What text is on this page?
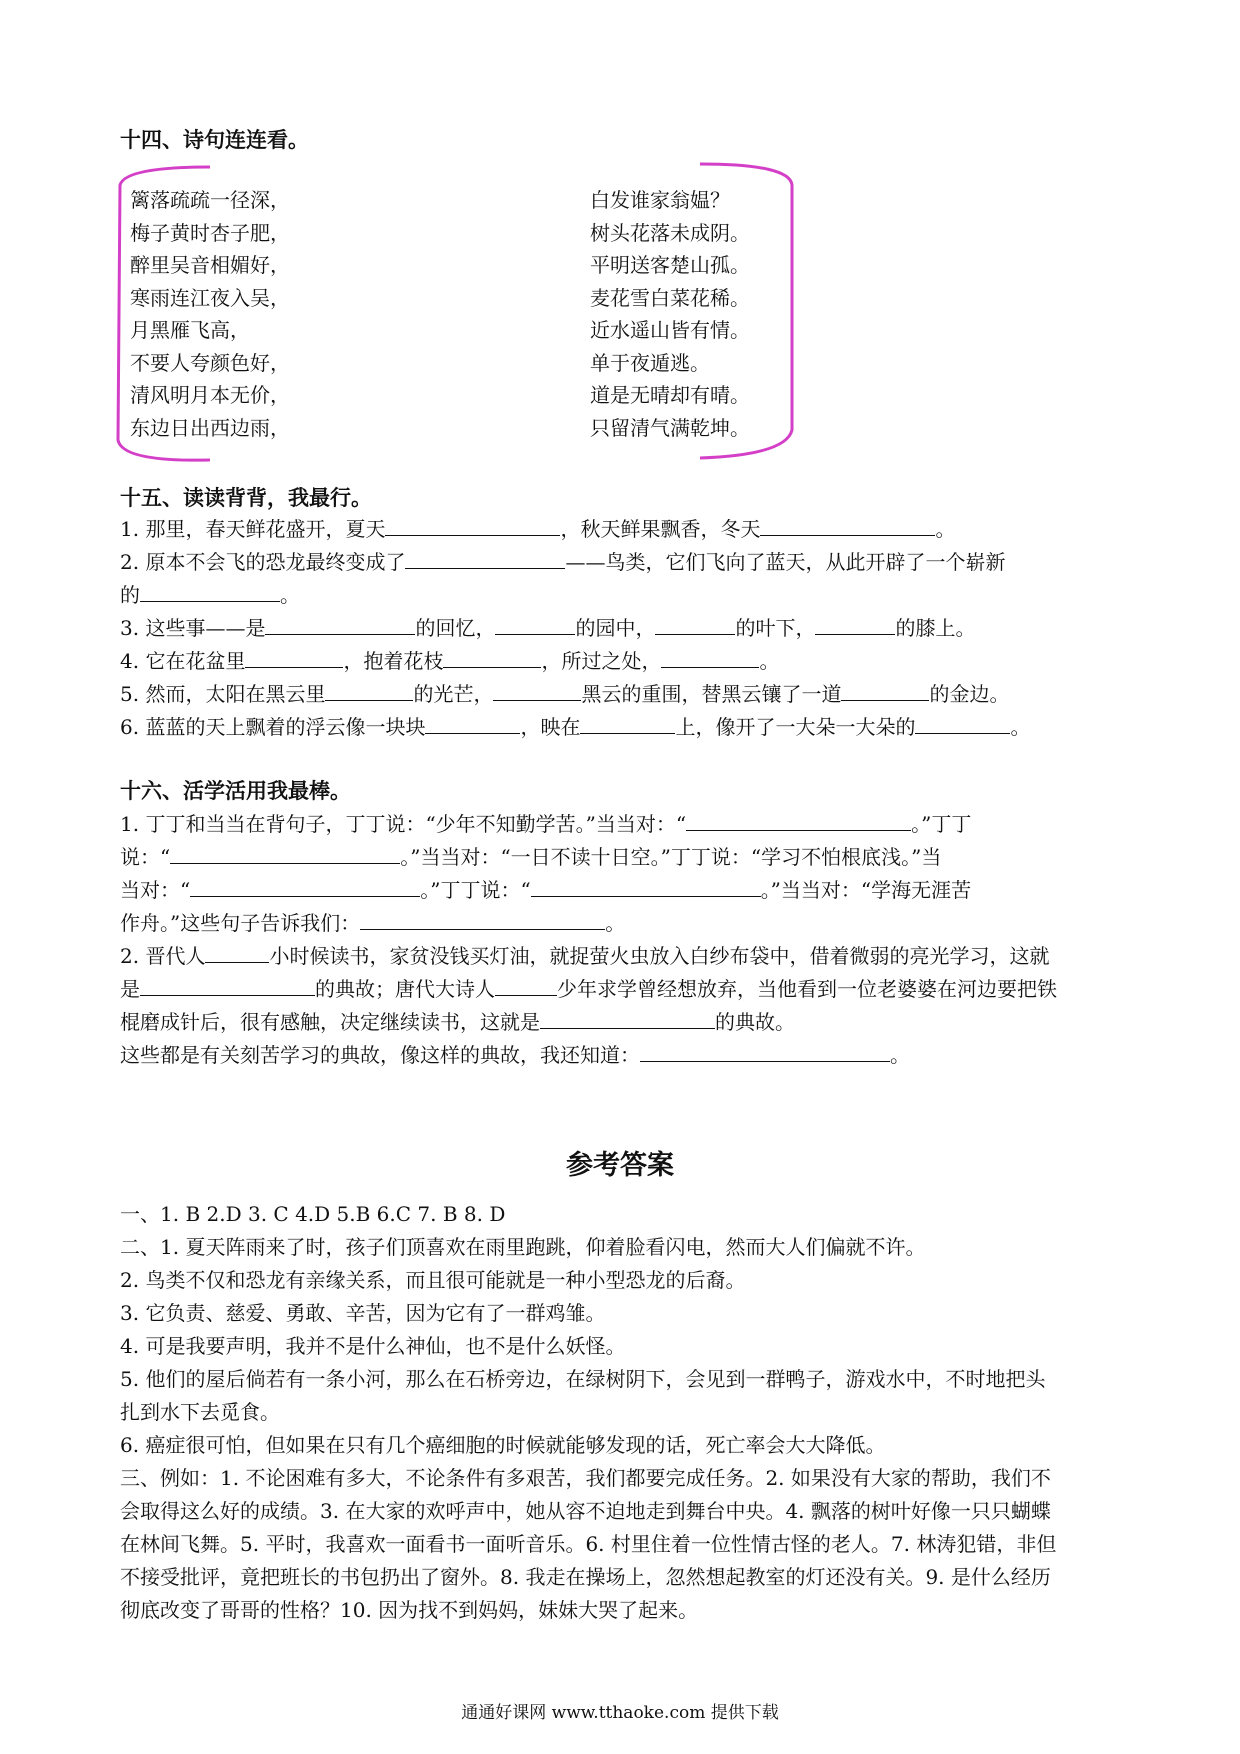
十四、诗句连连看。
篱落疏疏一径深，
梅子黄时杏子肥，
醉里吴音相媚好，
寒雨连江夜入吴，
月黑雁飞高，
不要人夸颜色好，
清风明月本无价，
东边日出西边雨，
白发谁家翁媪？
树头花落未成阴。
平明送客楚山孤。
麦花雪白菜花稀。
近水遥山皆有情。
单于夜遁逃。
道是无晴却有晴。
只留清气满乾坤。
十五、读读背背，我最行。
1. 那里，春天鲜花盛开，夏天	，秋天鲜果飘香，冬天	。
2. 原本不会飞的恐龙最终变成了	——鸟类，它们飞向了蓝天，从此开辟了一个崭新
的	。
3. 这些事——是	的回忆，	的园中，	的叶下，	的膝上。
4. 它在花盆里	，抱着花枝	，所过之处，	。
5. 然而，太阳在黑云里	的光芒，	黑云的重围，替黑云镶了一道	的金边。
6. 蓝蓝的天上飘着的浮云像一块块	，映在	上，像开了一大朵一大朵的	。
十六、活学活用我最棒。
1. 丁丁和当当在背句子，丁丁说：“少年不知勤学苦。”当当对：“	。”丁丁
说：“	。”当当对：“一日不读十日空。”丁丁说：“学习不怕根底浅。”当
当对：“	。”丁丁说：“	。”当当对：“学海无涯苦
作舟。”这些句子告诉我们：	。
2. 晋代人	小时候读书，家贫没钱买灯油，就捉萤火虫放入白纱布袋中，借着微弱的亮光学习，这就
是	的典故；唐代大诗人	少年求学曾经想放弃，当他看到一位老婆婆在河边要把铁
棍磨成针后，很有感触，决定继续读书，这就是	的典故。
这些都是有关刻苦学习的典故，像这样的典故，我还知道：	。
参考答案
一、1. B 2.D 3. C 4.D 5.B 6.C 7. B 8. D
二、1. 夏天阵雨来了时，孩子们顶喜欢在雨里跑跳，仰着脸看闪电，然而大人们偏就不许。
2. 鸟类不仅和恐龙有亲缘关系，而且很可能就是一种小型恐龙的后裔。
3. 它负责、慈爱、勇敢、辛苦，因为它有了一群鸡雏。
4. 可是我要声明，我并不是什么神仙，也不是什么妖怪。
5. 他们的屋后倘若有一条小河，那么在石桥旁边，在绿树阴下，会见到一群鸭子，游戏水中，不时地把头
扎到水下去觅食。
6. 癌症很可怕，但如果在只有几个癌细胞的时候就能够发现的话，死亡率会大大降低。
三、例如：1. 不论困难有多大，不论条件有多艰苦，我们都要完成任务。2. 如果没有大家的帮助，我们不
会取得这么好的成绩。3. 在大家的欢呼声中，她从容不迫地走到舞台中央。4. 飘落的树叶好像一只只蝴蝶
在林间飞舞。5. 平时，我喜欢一面看书一面听音乐。6. 村里住着一位性情古怪的老人。7. 林涛犯错，非但
不接受批评，竟把班长的书包扔出了窗外。8. 我走在操场上，忽然想起教室的灯还没有关。9. 是什么经历
彻底改变了哥哥的性格？10. 因为找不到妈妈，妹妹大哭了起来。
通通好课网 www.tthaoke.com 提供下载
